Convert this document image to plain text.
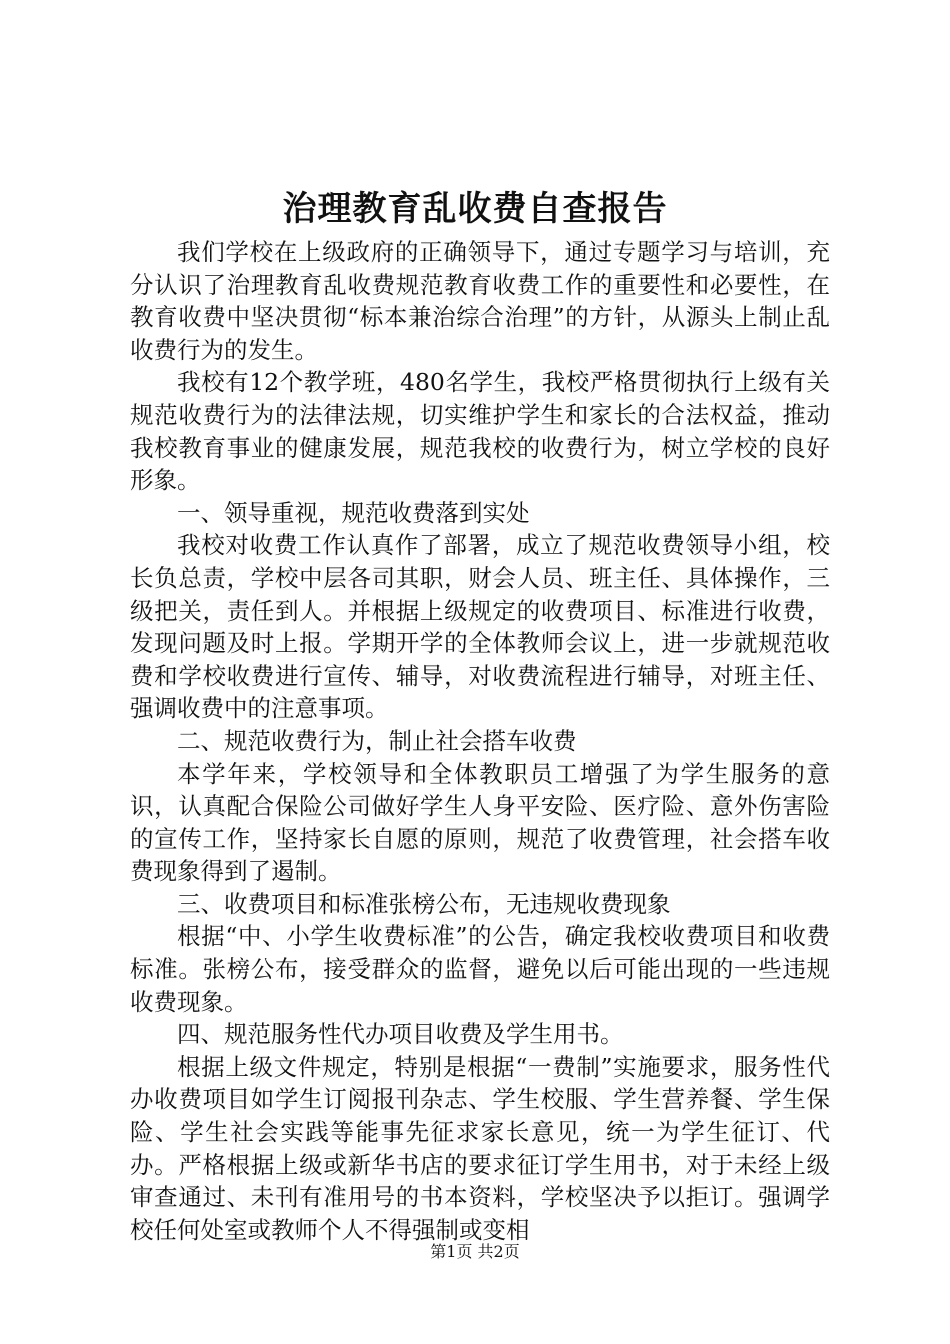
治理教育乱收费自查报告

我们学校在上级政府的正确领导下，通过专题学习与培训，充分认识了治理教育乱收费规范教育收费工作的重要性和必要性，在教育收费中坚决贯彻“标本兼治综合治理”的方针，从源头上制止乱收费行为的发生。

我校有12个教学班，480名学生，我校严格贯彻执行上级有关规范收费行为的法律法规，切实维护学生和家长的合法权益，推动我校教育事业的健康发展，规范我校的收费行为，树立学校的良好形象。

一、领导重视，规范收费落到实处

我校对收费工作认真作了部署，成立了规范收费领导小组，校长负总责，学校中层各司其职，财会人员、班主任、具体操作，三级把关，责任到人。并根据上级规定的收费项目、标准进行收费，发现问题及时上报。学期开学的全体教师会议上，进一步就规范收费和学校收费进行宣传、辅导，对收费流程进行辅导，对班主任、强调收费中的注意事项。

二、规范收费行为，制止社会搭车收费

本学年来，学校领导和全体教职员工增强了为学生服务的意识，认真配合保险公司做好学生人身平安险、医疗险、意外伤害险的宣传工作，坚持家长自愿的原则，规范了收费管理，社会搭车收费现象得到了遏制。

三、收费项目和标准张榜公布，无违规收费现象

根据“中、小学生收费标准”的公告，确定我校收费项目和收费标准。张榜公布，接受群众的监督，避免以后可能出现的一些违规收费现象。

四、规范服务性代办项目收费及学生用书。

根据上级文件规定，特别是根据“一费制”实施要求，服务性代办收费项目如学生订阅报刊杂志、学生校服、学生营养餐、学生保险、学生社会实践等能事先征求家长意见，统一为学生征订、代办。严格根据上级或新华书店的要求征订学生用书，对于未经上级审查通过、未刊有准用号的书本资料，学校坚决予以拒订。强调学校任何处室或教师个人不得强制或变相

第1页 共2页
